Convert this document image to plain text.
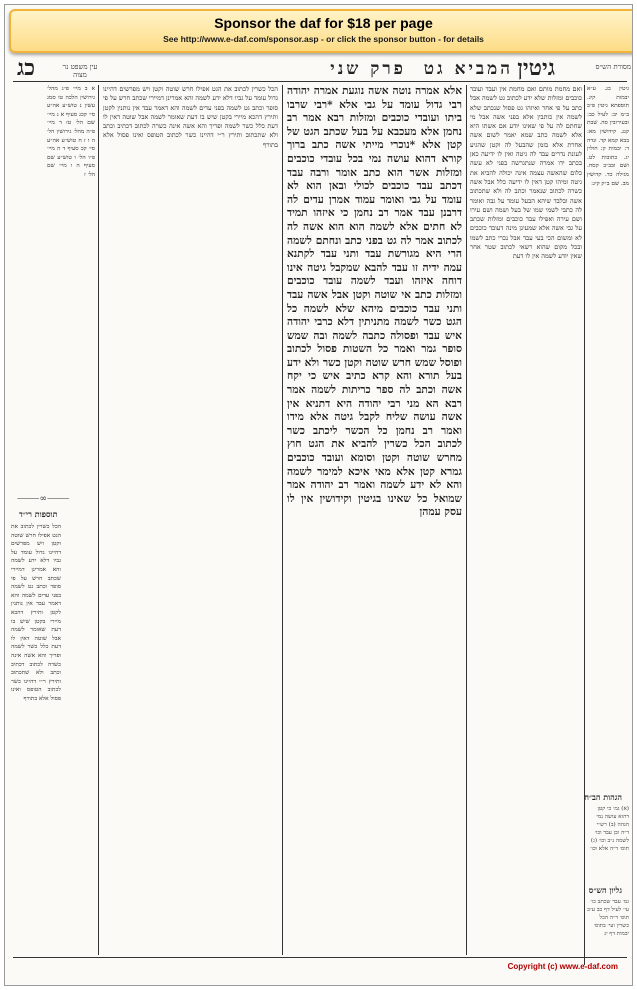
Sponsor the daf for $18 per page
See http://www.e-daf.com/sponsor.asp - or click the sponsor button - for details
גיטין
המביא גט  פרק שני
כג	מסורת הש״ס
עין משפט נר מצוה
גיטין כג. ע״א יבמות קיג. תוספתא גיטין פ״ב ב״מ יב: לעיל כב: ובעירובין סה. שבת קנג. קידושין מא: בבא קמא קד. ונדה ד: יבמות ק: חולין יג. כתובות לט. ושם ובב״ב קסח. מגילה כד. קדושין מב. שם ב״ק קיג:

ואם מחמת מותם ואם מחמת אין ועבד ועובד כוכבים ומזלות שלא ידע לכתוב גט לשמה אבל כתב על פי אחר ואיזהו גט פסול שנכתב שלא לשמה אין כותבין אלא בפני אשה אבל מי שחתם לה על פי שאינו יודע אם אשתו היא אלא לשמה כתב שמא יאמר לשום אשה אחרת אלא בזמן שהבעל לה וקטן שהגיע לעונת נדרים עבד לה גיטה ואין לו ידיעה כאן בכתב ידו אמרה שנתגרשה בפני לא עשה כלום שהאשה עצמה אינה יכולה להביא את גיטה ומיהו קטן דאין לו ידיעה כלל אבל אשה כשרה לכתוב שנאמר וכתב לה ולא שתכתוב אשה ובלבד שיהא הבעל עומד על גבה ואומר לה כתבי לשמי שמו של בעל ושמה ושם עירו ושם עירה ואפילו עבד כוכבים ומזלות שכתב על גבי אשה אלא שמעינן מינה דעובד כוכבים לא ומשום הכי בעי עבד אבל נכרי כתב לשמו ובכל מקום שהוא רשאי לכתוב שטר אחר שאין יודע לשמה אין לו דעת

הגהות הב״ח
(א) גמ׳ כי קטן דהוא עושה נמי הגהה (ב) רש״י ד״ה ובן עבד וכו׳ לשמה נ״ב וכו׳ (ג) תוס׳ ד״ה אלא וכו׳
גליון הש״ס
גמ׳ עבד שכתב כו׳ עי׳ לעיל דף כב ע״ב תוס׳ ד״ה הכל כשרין ועי׳ בתוס׳ יבמות דף יג

אלא אמרה נוטה אשה נוגעת אמרה יהודה רבי גדול עומד על גבי אלא *רבי שרבו ביתו ועובדי כוכבים ומזלות רבא אמר רב נחמן אלא מעכבא על בעל שכתב הגט של קטן אלא *נוכרי מייתי אשה כתב ברוך קורא דהוא עושה נמי בכל עובדי כוכבים ומזלות אשר הוא כתב אומר ורבה עבד דכתב עבד כוכבים לכולי ובאן הוא לא עומד על גבי ואומר עמוד אמרן עדים לה דרבנן עבד אמר רב נחמן כי איזהו תמיד לא חתים אלא לשמה הוא הוא אשה לה לכתוב אמר לה גט בפני כתב ונחתם לשמה הרי היא מגורשת עבד ותני עבד לקתנא עמה ידיה זו עבד להבא שמקבל גיטה אינו דוחה איזהו ועבד לשמה עובד כוכבים ומזלות כתב אי שוטה וקטן אבל אשה עבד ותני עבד כוכבים מיהא שלא לשמה כל הגט כשר לשמה מתניתין דלא כרבי יהודה איש עבד ופסולה כתבה לשמה ובה שמש סופר גמר ואמר כל השטות פסול לכתוב ופוסל שמש חרש שוטה וקטן כשר ולא ידע בעל תורא והא קרא כתיב איש כי יקח אשה וכתב לה ספר כריתות לשמה אמר רבא הא מני רבי יהודה היא דתניא אין אשה עושה שליח לקבל גיטה אלא מידו ואמר רב נחמן כל הכשר ליכתב כשר לכתוב הכל כשרין להביא את הגט חוץ מחרש שוטה וקטן וסומא ועובד כוכבים גמרא קטן אלא מאי איכא למימר לשמה והא לא ידע לשמה ואמר רב יהודה אמר שמואל כל שאינו בגיטין וקידושין אין לו עסק עמהן

הכל כשרין לכתוב את הגט אפילו חרש שוטה וקטן ויש מפרשים דהיינו גדול עומד על גביו דלא ידע לשמה והא אמרינן דמיירי שכתב חרש על פי סופר וכתב גט לשמה בפני עדים לשמה והא דאמר עבד אין נותנין לקטן ותירץ דהכא מיירי בקטן שיש בו דעת שאומר לשמה אבל שוטה דאין לו דעת כלל כשר לשמה ופריך והא אשה אינה כשרה לכתוב דכתיב וכתב ולא שתכתוב ותירץ ר״י דהיינו כשר לכתוב הטופס ואינו פסול אלא בתורף

א ב מיי׳ פ״ג מהל׳ גירושין הלכה טו סמג עשין נ טוש״ע אה״ע סי׳ קכג סעיף א ג מיי׳ שם הל׳ טז ד מיי׳ פ״ה מהל׳ גירושין הל׳ ה ו ז ח טוש״ע אה״ע סי׳ קכ סעיף ד ה מיי׳ פ״ו הל׳ ו טוש״ע שם סעיף ה ו מיי׳ שם הל׳ ז
⸻∞⸻
תוספות רי״ד
הכל כשרין לכתוב את הגט אפילו חרש שוטה וקטן ויש מפרשים דהיינו גדול עומד על גביו דלא ידע לשמה והא אמרינן דמיירי שכתב חרש על פי סופר וכתב גט לשמה בפני עדים לשמה והא דאמר עבד אין נותנין לקטן ותירץ דהכא מיירי בקטן שיש בו דעת שאומר לשמה אבל שוטה דאין לו דעת כלל כשר לשמה ופריך והא אשה אינה כשרה לכתוב דכתיב וכתב ולא שתכתוב ותירץ ר״י דהיינו כשר לכתוב הטופס ואינו פסול אלא בתורף
Copyright (c) www.e-daf.com
